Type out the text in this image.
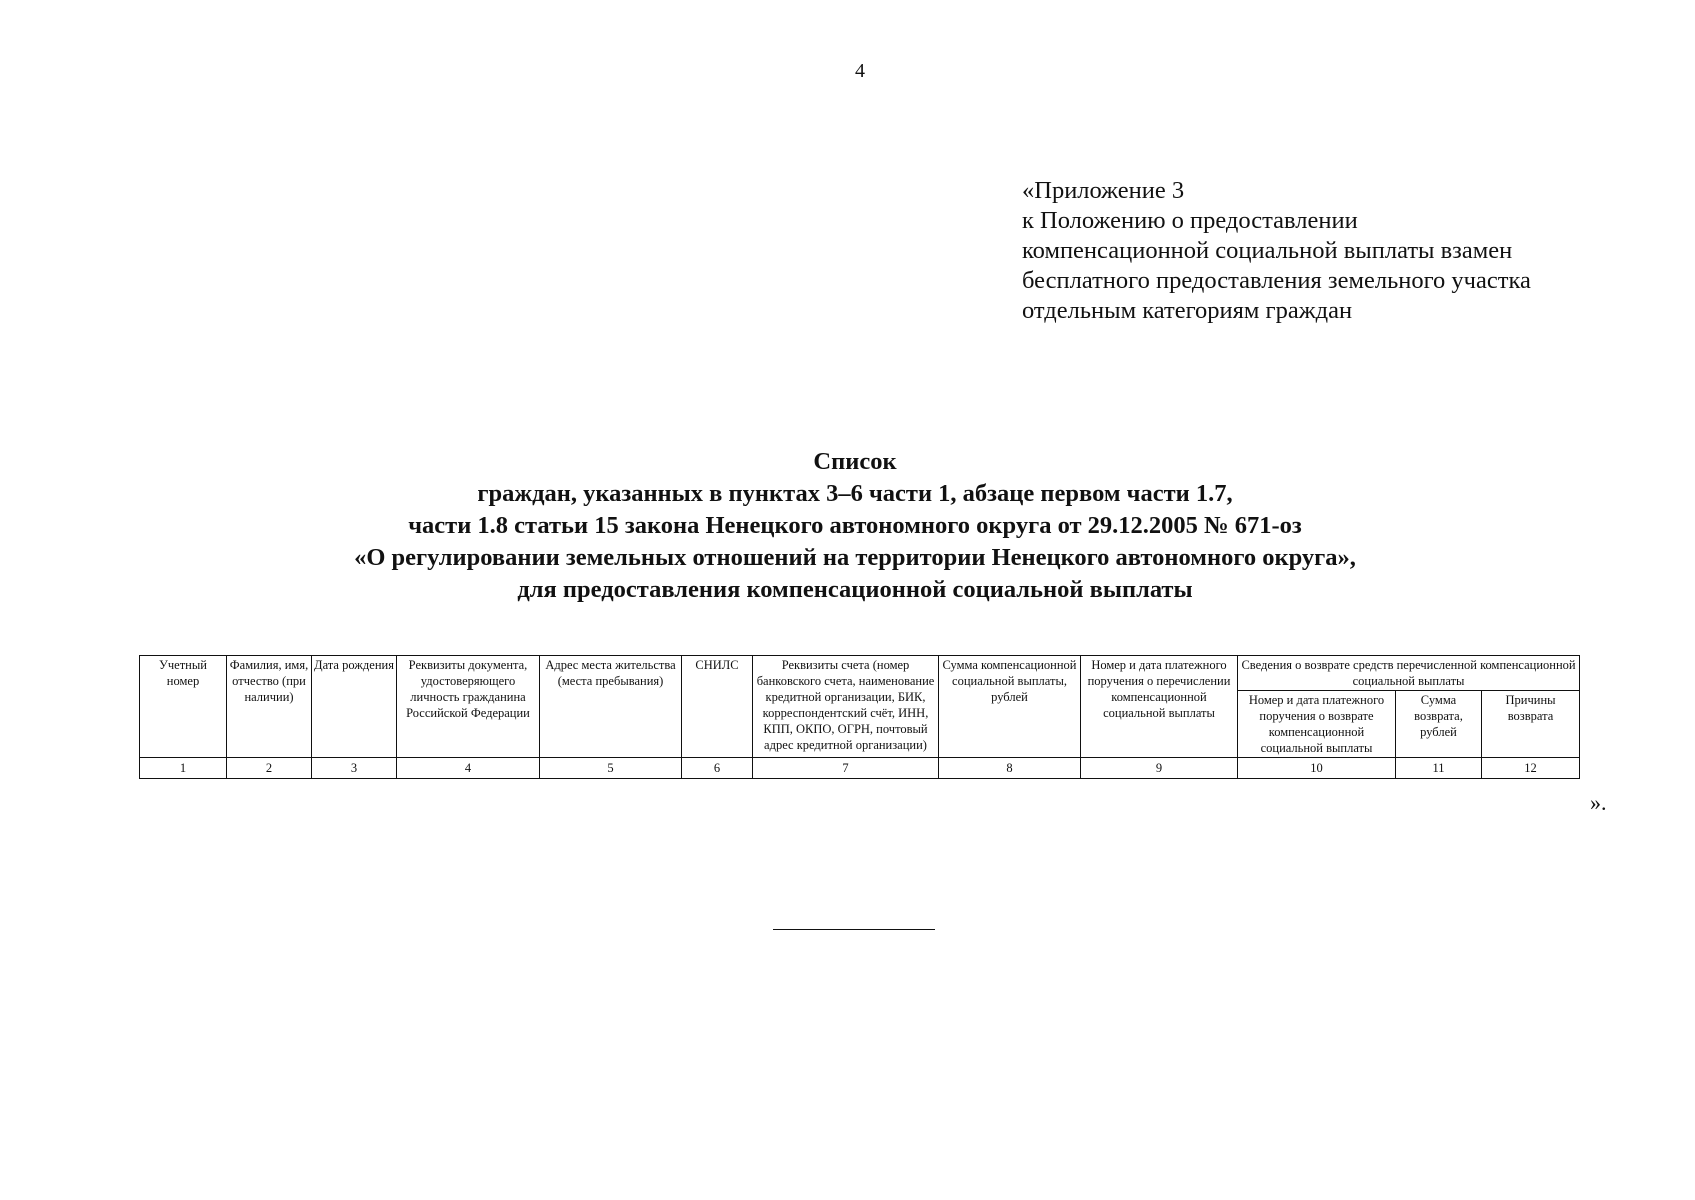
4
«Приложение 3
к Положению о предоставлении
компенсационной социальной выплаты взамен
бесплатного предоставления земельного участка
отдельным категориям граждан
Список
граждан, указанных в пунктах 3–6 части 1, абзаце первом части 1.7,
части 1.8 статьи 15 закона Ненецкого автономного округа от 29.12.2005 № 671-оз
«О регулировании земельных отношений на территории Ненецкого автономного округа»,
для предоставления компенсационной социальной выплаты
Учетный номер	Фамилия, имя, отчество (при наличии)	Дата рождения	Реквизиты документа, удостоверяющего личность гражданина Российской Федерации	Адрес места жительства (места пребывания)	СНИЛС	Реквизиты счета (номер банковского счета, наименование кредитной организации, БИК, корреспондентский счёт, ИНН, КПП, ОКПО, ОГРН, почтовый адрес кредитной организации)	Сумма компенсационной социальной выплаты, рублей	Номер и дата платежного поручения о перечислении компенсационной социальной выплаты	Сведения о возврате средств перечисленной компенсационной социальной выплаты		
									Номер и дата платежного поручения о возврате компенсационной социальной выплаты	Сумма возврата, рублей	Причины возврата
1	2	3	4	5	6	7	8	9	10	11	12
».
